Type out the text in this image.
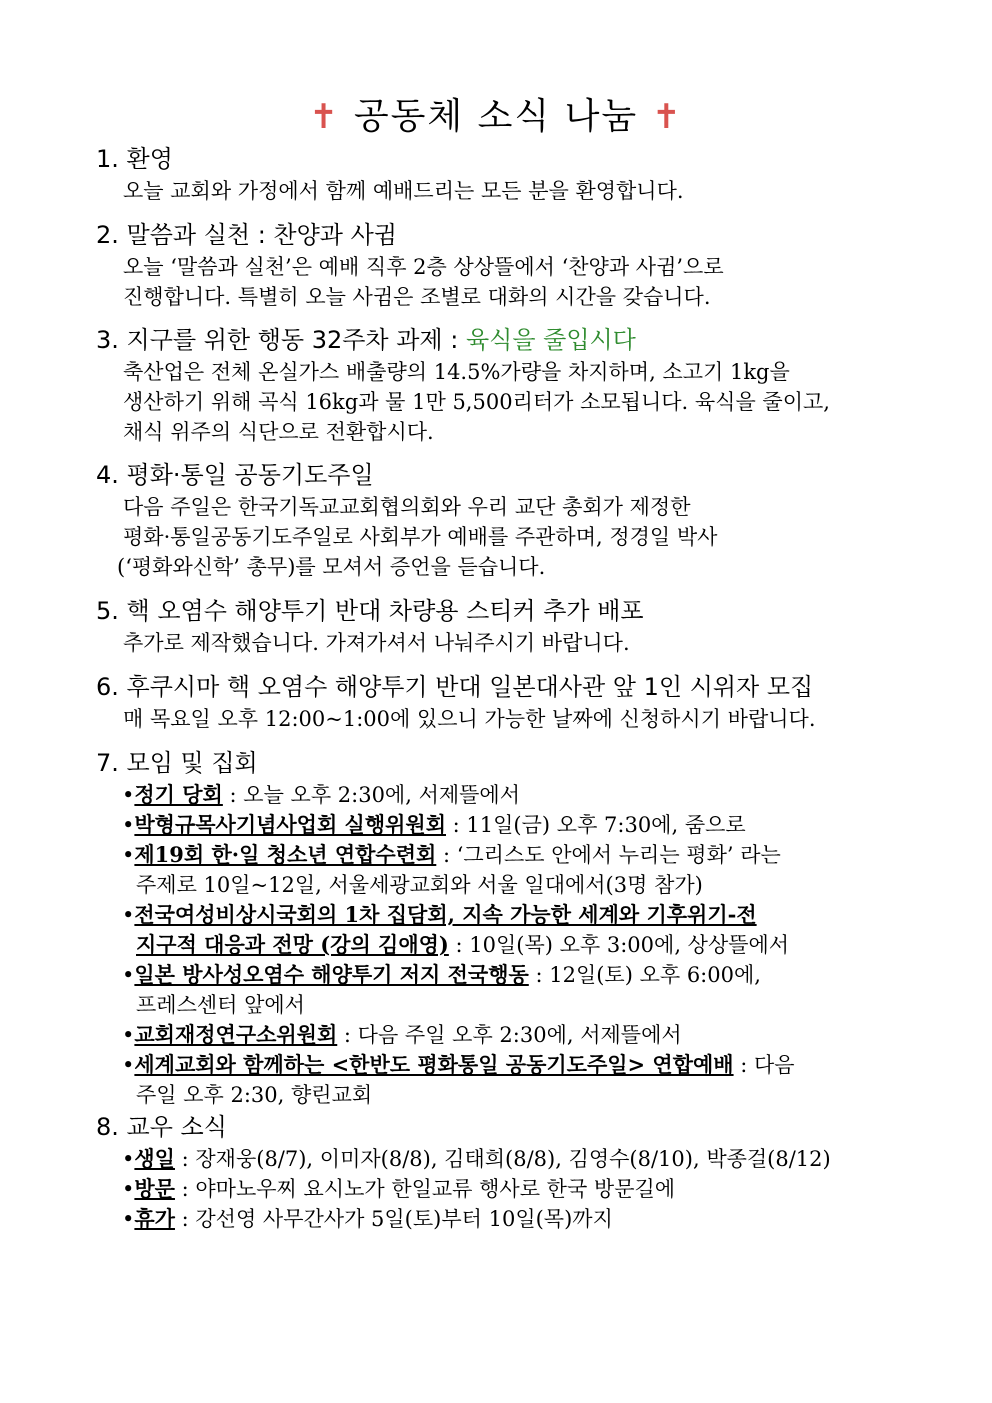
✝ 공동체 소식 나눔 ✝
1. 환영
오늘 교회와 가정에서 함께 예배드리는 모든 분을 환영합니다.
2. 말씀과 실천 : 찬양과 사귐
오늘 ‘말씀과 실천’은 예배 직후 2층 상상뜰에서 ‘찬양과 사귐’으로
진행합니다. 특별히 오늘 사귐은 조별로 대화의 시간을 갖습니다.
3. 지구를 위한 행동 32주차 과제 : 육식을 줄입시다
축산업은 전체 온실가스 배출량의 14.5%가량을 차지하며, 소고기 1kg을
생산하기 위해 곡식 16kg과 물 1만 5,500리터가 소모됩니다. 육식을 줄이고,
채식 위주의 식단으로 전환합시다.
4. 평화·통일 공동기도주일
다음 주일은 한국기독교교회협의회와 우리 교단 총회가 제정한
평화·통일공동기도주일로 사회부가 예배를 주관하며, 정경일 박사
(‘평화와신학’ 총무)를 모셔서 증언을 듣습니다.
5. 핵 오염수 해양투기 반대 차량용 스티커 추가 배포
추가로 제작했습니다. 가져가셔서 나눠주시기 바랍니다.
6. 후쿠시마 핵 오염수 해양투기 반대 일본대사관 앞 1인 시위자 모집
매 목요일 오후 12:00~1:00에 있으니 가능한 날짜에 신청하시기 바랍니다.
7. 모임 및 집회
•정기 당회 : 오늘 오후 2:30에, 서제뜰에서
•박형규목사기념사업회 실행위원회 : 11일(금) 오후 7:30에, 줌으로
•제19회 한·일 청소년 연합수련회 : ‘그리스도 안에서 누리는 평화’ 라는
주제로 10일~12일, 서울세광교회와 서울 일대에서(3명 참가)
•전국여성비상시국회의 1차 집담회, 지속 가능한 세계와 기후위기-전
지구적 대응과 전망 (강의 김애영) : 10일(목) 오후 3:00에, 상상뜰에서
•일본 방사성오염수 해양투기 저지 전국행동 : 12일(토) 오후 6:00에,
프레스센터 앞에서
•교회재정연구소위원회 : 다음 주일 오후 2:30에, 서제뜰에서
•세계교회와 함께하는 <한반도 평화통일 공동기도주일> 연합예배 : 다음
주일 오후 2:30, 향린교회
8. 교우 소식
•생일 : 장재웅(8/7), 이미자(8/8), 김태희(8/8), 김영수(8/10), 박종걸(8/12)
•방문 : 야마노우찌 요시노가 한일교류 행사로 한국 방문길에
•휴가 : 강선영 사무간사가 5일(토)부터 10일(목)까지
